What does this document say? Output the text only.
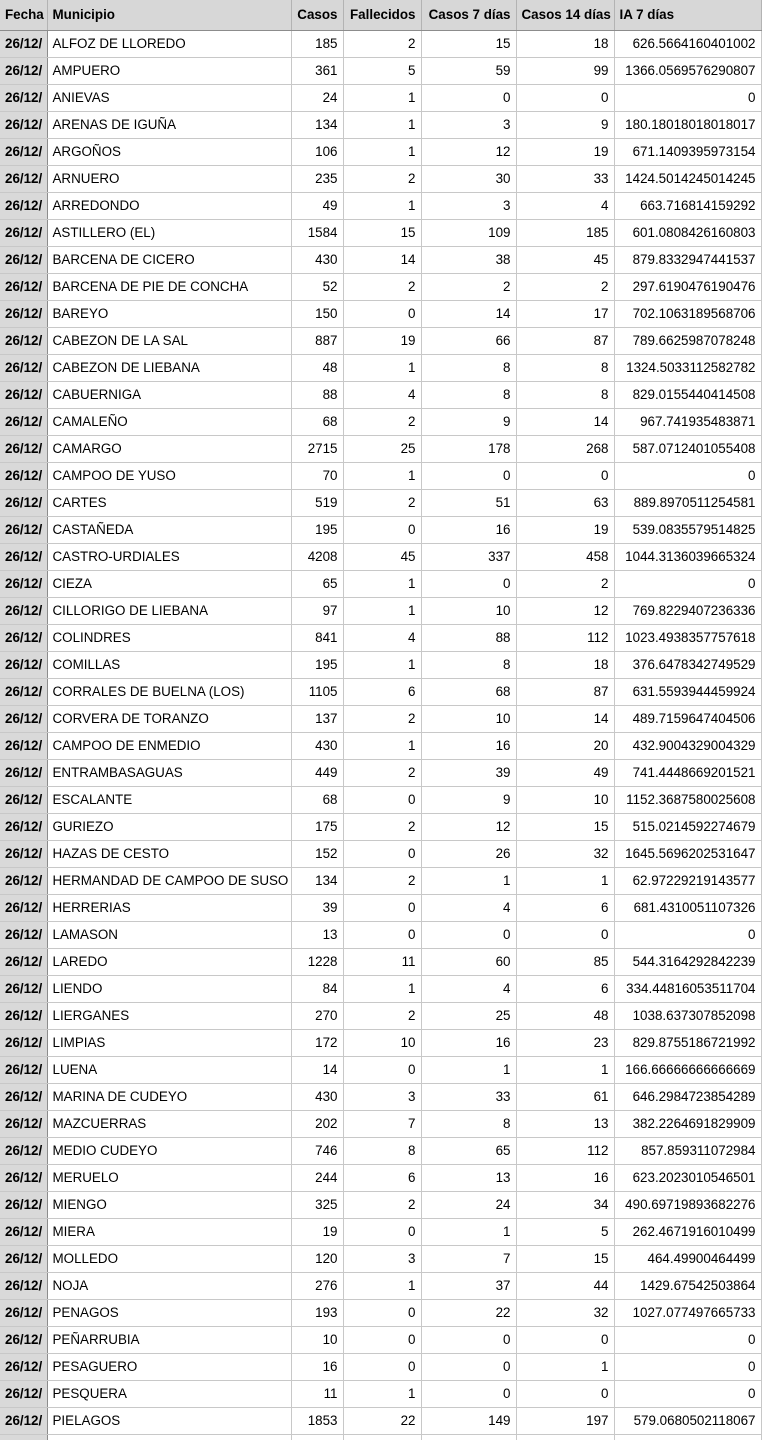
Fecha	Municipio	Casos	Fallecidos	Casos 7 días	Casos 14 días	IA 7 días
26/12/	ALFOZ DE LLOREDO	185	2	15	18	626.5664160401002
26/12/	AMPUERO	361	5	59	99	1366.0569576290807
26/12/	ANIEVAS	24	1	0	0	0
26/12/	ARENAS DE IGUÑA	134	1	3	9	180.18018018018017
26/12/	ARGOÑOS	106	1	12	19	671.1409395973154
26/12/	ARNUERO	235	2	30	33	1424.5014245014245
26/12/	ARREDONDO	49	1	3	4	663.716814159292
26/12/	ASTILLERO (EL)	1584	15	109	185	601.0808426160803
26/12/	BARCENA DE CICERO	430	14	38	45	879.8332947441537
26/12/	BARCENA DE PIE DE CONCHA	52	2	2	2	297.6190476190476
26/12/	BAREYO	150	0	14	17	702.1063189568706
26/12/	CABEZON DE LA SAL	887	19	66	87	789.6625987078248
26/12/	CABEZON DE LIEBANA	48	1	8	8	1324.5033112582782
26/12/	CABUERNIGA	88	4	8	8	829.0155440414508
26/12/	CAMALEÑO	68	2	9	14	967.741935483871
26/12/	CAMARGO	2715	25	178	268	587.0712401055408
26/12/	CAMPOO DE YUSO	70	1	0	0	0
26/12/	CARTES	519	2	51	63	889.8970511254581
26/12/	CASTAÑEDA	195	0	16	19	539.0835579514825
26/12/	CASTRO-URDIALES	4208	45	337	458	1044.3136039665324
26/12/	CIEZA	65	1	0	2	0
26/12/	CILLORIGO DE LIEBANA	97	1	10	12	769.8229407236336
26/12/	COLINDRES	841	4	88	112	1023.4938357757618
26/12/	COMILLAS	195	1	8	18	376.6478342749529
26/12/	CORRALES DE BUELNA (LOS)	1105	6	68	87	631.5593944459924
26/12/	CORVERA DE TORANZO	137	2	10	14	489.7159647404506
26/12/	CAMPOO DE ENMEDIO	430	1	16	20	432.9004329004329
26/12/	ENTRAMBASAGUAS	449	2	39	49	741.4448669201521
26/12/	ESCALANTE	68	0	9	10	1152.3687580025608
26/12/	GURIEZO	175	2	12	15	515.0214592274679
26/12/	HAZAS DE CESTO	152	0	26	32	1645.5696202531647
26/12/	HERMANDAD DE CAMPOO DE SUSO	134	2	1	1	62.97229219143577
26/12/	HERRERIAS	39	0	4	6	681.4310051107326
26/12/	LAMASON	13	0	0	0	0
26/12/	LAREDO	1228	11	60	85	544.3164292842239
26/12/	LIENDO	84	1	4	6	334.44816053511704
26/12/	LIERGANES	270	2	25	48	1038.637307852098
26/12/	LIMPIAS	172	10	16	23	829.8755186721992
26/12/	LUENA	14	0	1	1	166.66666666666669
26/12/	MARINA DE CUDEYO	430	3	33	61	646.2984723854289
26/12/	MAZCUERRAS	202	7	8	13	382.2264691829909
26/12/	MEDIO CUDEYO	746	8	65	112	857.859311072984
26/12/	MERUELO	244	6	13	16	623.2023010546501
26/12/	MIENGO	325	2	24	34	490.69719893682276
26/12/	MIERA	19	0	1	5	262.4671916010499
26/12/	MOLLEDO	120	3	7	15	464.49900464499
26/12/	NOJA	276	1	37	44	1429.67542503864
26/12/	PENAGOS	193	0	22	32	1027.077497665733
26/12/	PEÑARRUBIA	10	0	0	0	0
26/12/	PESAGUERO	16	0	0	1	0
26/12/	PESQUERA	11	1	0	0	0
26/12/	PIELAGOS	1853	22	149	197	579.0680502118067
